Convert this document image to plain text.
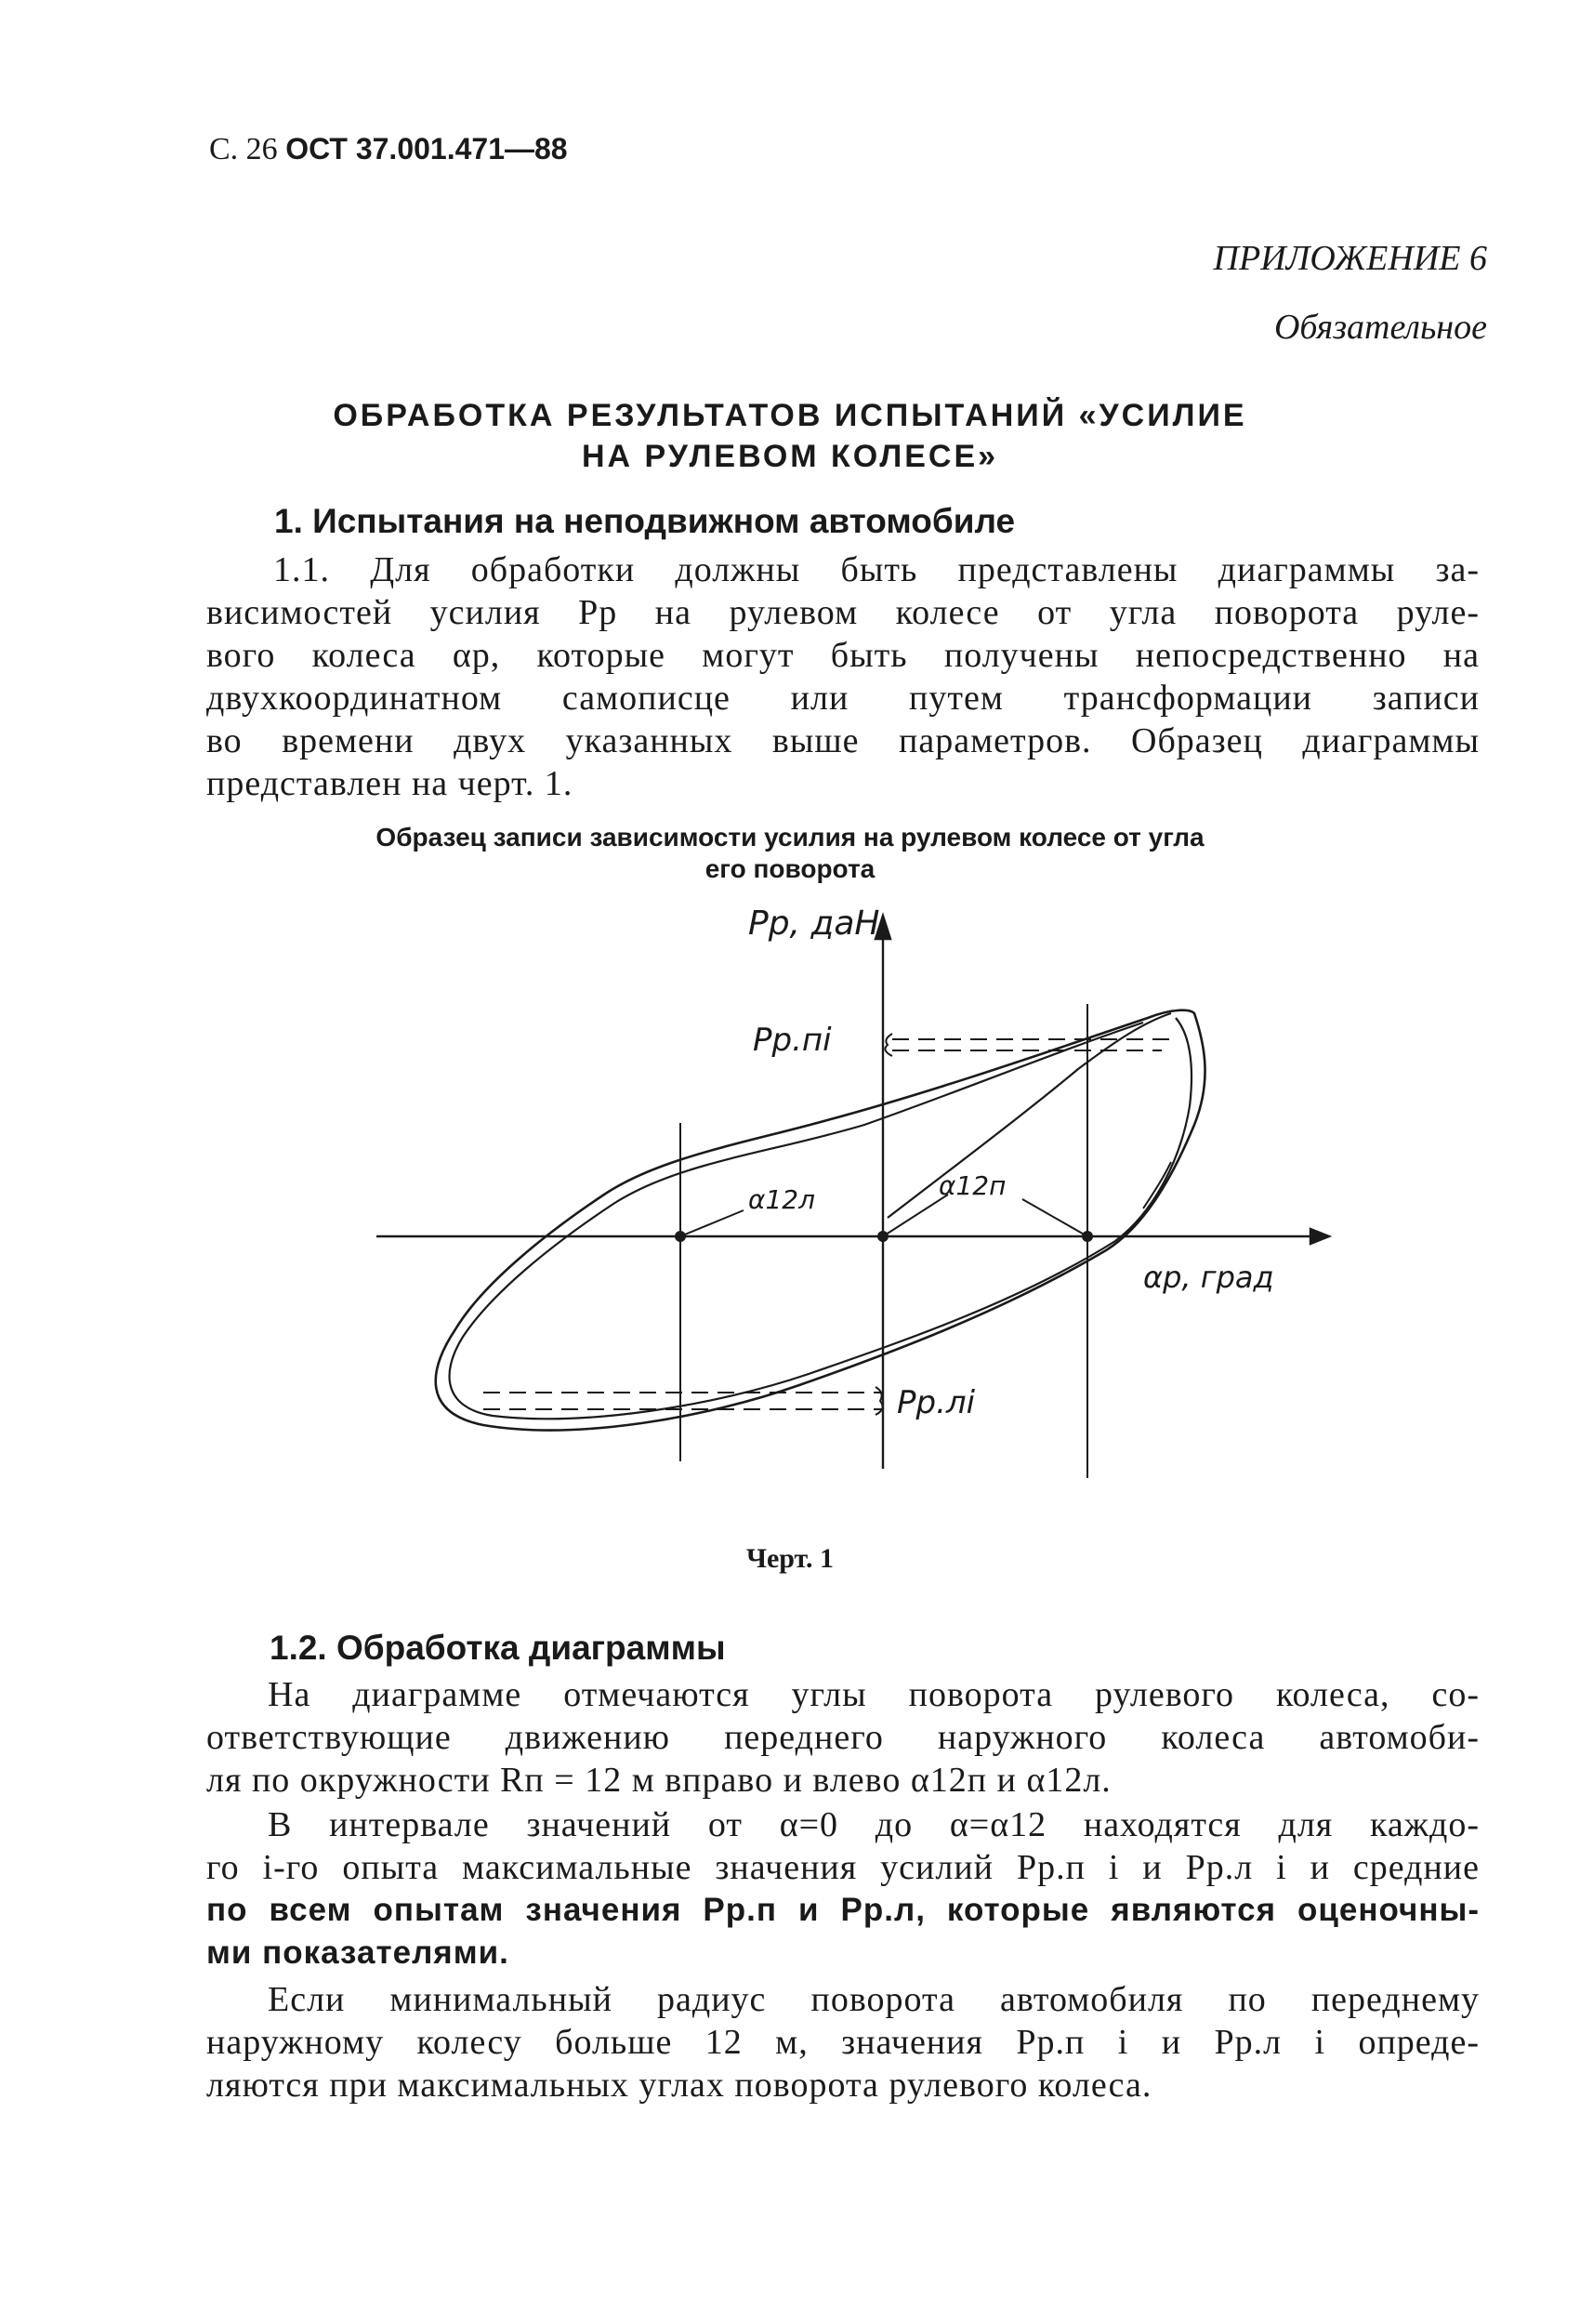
С. 26 ОСТ 37.001.471—88
ПРИЛОЖЕНИЕ 6
Обязательное
ОБРАБОТКА РЕЗУЛЬТАТОВ ИСПЫТАНИЙ «УСИЛИЕ
НА РУЛЕВОМ КОЛЕСЕ»
1. Испытания на неподвижном автомобиле
1.1. Для обработки должны быть представлены диаграммы за-
висимостей усилия Pр на рулевом колесе от угла поворота руле-
вого колеса αр, которые могут быть получены непосредственно на
двухкоординатном самописце или путем трансформации записи
во времени двух указанных выше параметров. Образец диаграммы
представлен на черт. 1.
Образец записи зависимости усилия на рулевом колесе от угла
его поворота
Pр, даН
αр, град
Pр.пi
Pр.лi
α12л	α12п
Черт. 1
1.2. Обработка диаграммы
На диаграмме отмечаются углы поворота рулевого колеса, со-
ответствующие движению переднего наружного колеса автомоби-
ля по окружности Rп = 12 м вправо и влево α12п и α12л.
В интервале значений от α=0 до α=α12 находятся для каждо-
го i-го опыта максимальные значения усилий Pр.п i и Pр.л i и средние
по всем опытам значения Pр.п и Pр.л, которые являются оценочны-
ми показателями.
Если минимальный радиус поворота автомобиля по переднему
наружному колесу больше 12 м, значения Pр.п i и Pр.л i опреде-
ляются при максимальных углах поворота рулевого колеса.
